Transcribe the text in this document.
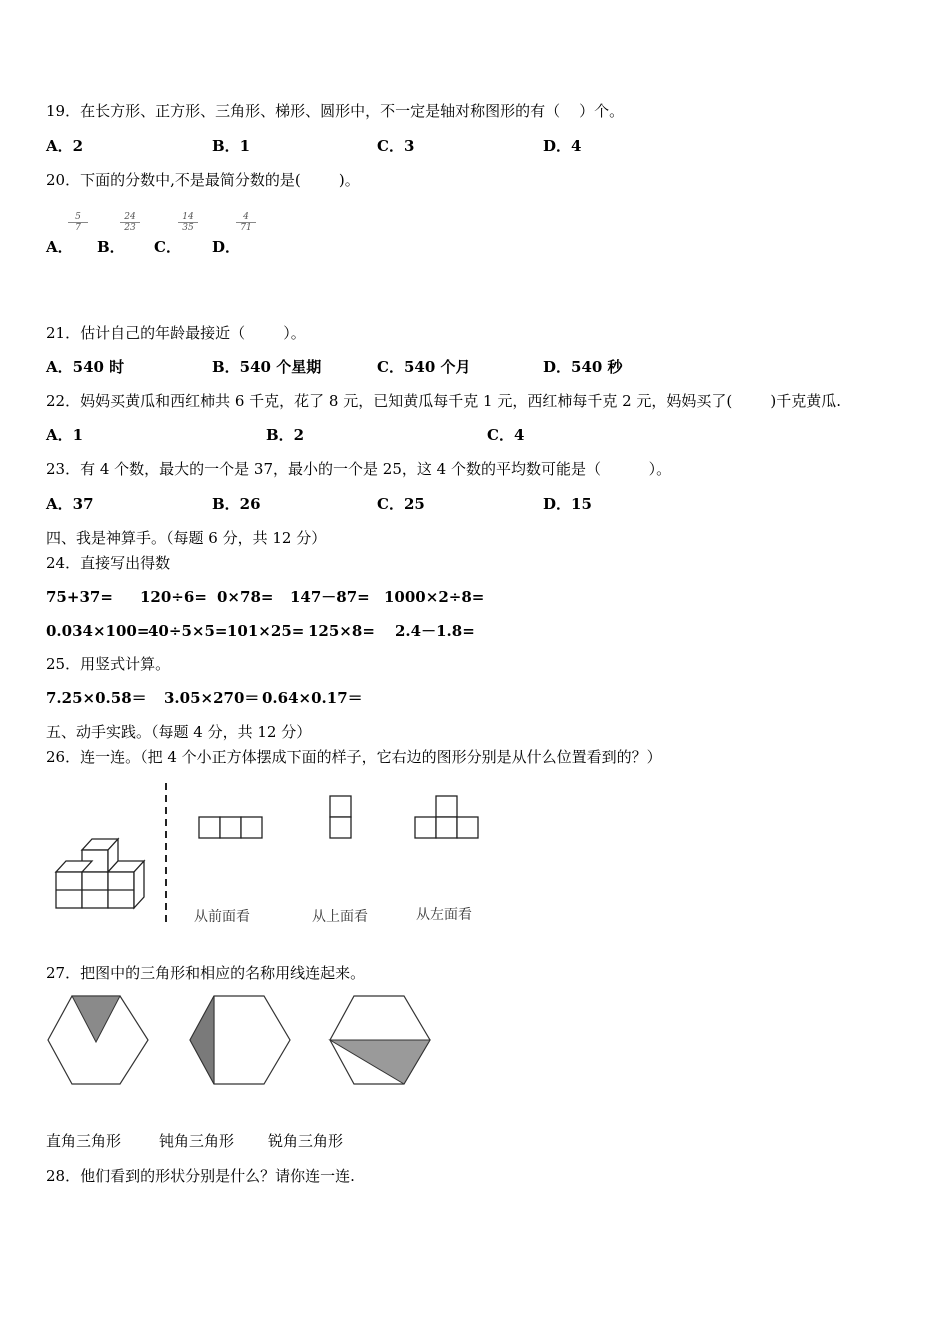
19．在长方形、正方形、三角形、梯形、圆形中，不一定是轴对称图形的有（    ）个。
A．2	B．1	C．3	D．4
20．下面的分数中,不是最简分数的是(        )。
A．
$\frac{5}{7}$
B．
$\frac{24}{23}$
C．
$\frac{14}{35}$
D．
$\frac{4}{71}$
21．估计自己的年龄最接近（        ）。
A．540 时	B．540 个星期	C．540 个月	D．540 秒
22．妈妈买黄瓜和西红柿共 6 千克，花了 8 元，已知黄瓜每千克 1 元，西红柿每千克 2 元，妈妈买了(        )千克黄瓜.
A．1	B．2	C．4
23．有 4 个数，最大的一个是 37，最小的一个是 25，这 4 个数的平均数可能是（          ）。
A．37	B．26	C．25	D．15
四、我是神算手。（每题 6 分，共 12 分）
24．直接写出得数
75+37= 120÷6= 0×78= 147－87= 1000×2÷8=
0.034×100=
40÷5×5= 101×25= 125×8= 2.4－1.8=
25．用竖式计算。
7.25×0.58＝ 3.05×270＝ 0.64×0.17＝
五、动手实践。（每题 4 分，共 12 分）
26．连一连。（把 4 个小正方体摆成下面的样子，它右边的图形分别是从什么位置看到的？）
从前面看	从上面看	从左面看
27．把图中的三角形和相应的名称用线连起来。
直角三角形	钝角三角形 锐角三角形
28．他们看到的形状分别是什么？请你连一连.
